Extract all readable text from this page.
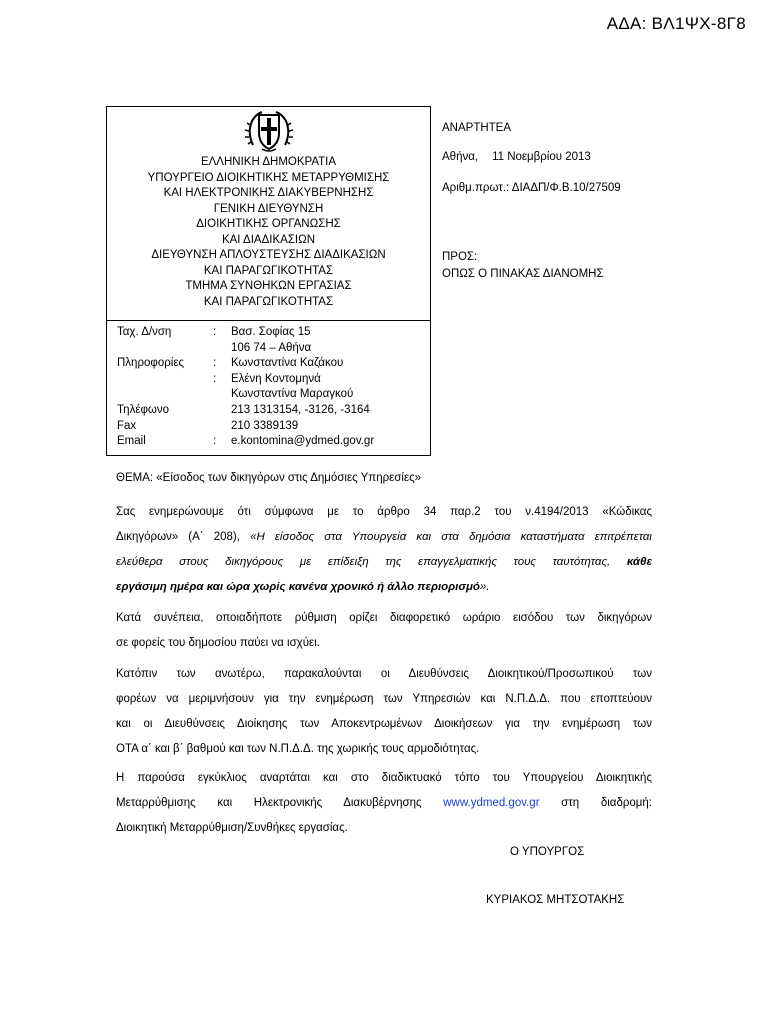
ΑΔΑ: ΒΛ1ΨΧ-8Γ8
ΕΛΛΗΝΙΚΗ ΔΗΜΟΚΡΑΤΙΑ
ΥΠΟΥΡΓΕΙΟ ΔΙΟΙΚΗΤΙΚΗΣ ΜΕΤΑΡΡΥΘΜΙΣΗΣ
ΚΑΙ ΗΛΕΚΤΡΟΝΙΚΗΣ ΔΙΑΚΥΒΕΡΝΗΣΗΣ
ΓΕΝΙΚΗ ΔΙΕΥΘΥΝΣΗ
ΔΙΟΙΚΗΤΙΚΗΣ ΟΡΓΑΝΩΣΗΣ
ΚΑΙ ΔΙΑΔΙΚΑΣΙΩΝ
ΔΙΕΥΘΥΝΣΗ ΑΠΛΟΥΣΤΕΥΣΗΣ ΔΙΑΔΙΚΑΣΙΩΝ
ΚΑΙ ΠΑΡΑΓΩΓΙΚΟΤΗΤΑΣ
ΤΜΗΜΑ ΣΥΝΘΗΚΩΝ ΕΡΓΑΣΙΑΣ
ΚΑΙ ΠΑΡΑΓΩΓΙΚΟΤΗΤΑΣ
Ταχ. Δ/νση	:	Βασ. Σοφίας 15
106 74 – Αθήνα
Πληροφορίες	:	Κωνσταντίνα Καζάκου
:	Ελένη Κοντομηνά
Κωνσταντίνα Μαραγκού
Τηλέφωνο	213 1313154, -3126, -3164
Fax	210 3389139
Email	:	e.kontomina@ydmed.gov.gr
ΑΝΑΡΤΗΤΕΑ
Αθήνα, 11 Νοεμβρίου 2013
Αριθμ.πρωτ.: ΔΙΑΔΠ/Φ.Β.10/27509
ΠΡΟΣ:
ΟΠΩΣ Ο ΠΙΝΑΚΑΣ ΔΙΑΝΟΜΗΣ
ΘΕΜΑ: «Είσοδος των δικηγόρων στις Δημόσιες Υπηρεσίες»
Σας ενημερώνουμε ότι σύμφωνα με το άρθρο 34 παρ.2 του ν.4194/2013 «Κώδικας
Δικηγόρων» (Α΄ 208), «Η είσοδος στα Υπουργεία και στα δημόσια καταστήματα επιτρέπεται
ελεύθερα στους δικηγόρους με επίδειξη της επαγγελματικής τους ταυτότητας, κάθε
εργάσιμη ημέρα και ώρα χωρίς κανένα χρονικό ή άλλο περιορισμό».
Κατά συνέπεια, οποιαδήποτε ρύθμιση ορίζει διαφορετικό ωράριο εισόδου των δικηγόρων
σε φορείς του δημοσίου παύει να ισχύει.
Κατόπιν των ανωτέρω, παρακαλούνται οι Διευθύνσεις Διοικητικού/Προσωπικού των
φορέων να μεριμνήσουν για την ενημέρωση των Υπηρεσιών και Ν.Π.Δ.Δ. που εποπτεύουν
και οι Διευθύνσεις Διοίκησης των Αποκεντρωμένων Διοικήσεων για την ενημέρωση των
ΟΤΑ α΄ και β΄ βαθμού και των Ν.Π.Δ.Δ. της χωρικής τους αρμοδιότητας.
Η παρούσα εγκύκλιος αναρτάται και στο διαδικτυακό τόπο του Υπουργείου Διοικητικής
Μεταρρύθμισης και Ηλεκτρονικής Διακυβέρνησης www.ydmed.gov.gr στη διαδρομή:
Διοικητική Μεταρρύθμιση/Συνθήκες εργασίας.
Ο ΥΠΟΥΡΓΟΣ
ΚΥΡΙΑΚΟΣ ΜΗΤΣΟΤΑΚΗΣ
